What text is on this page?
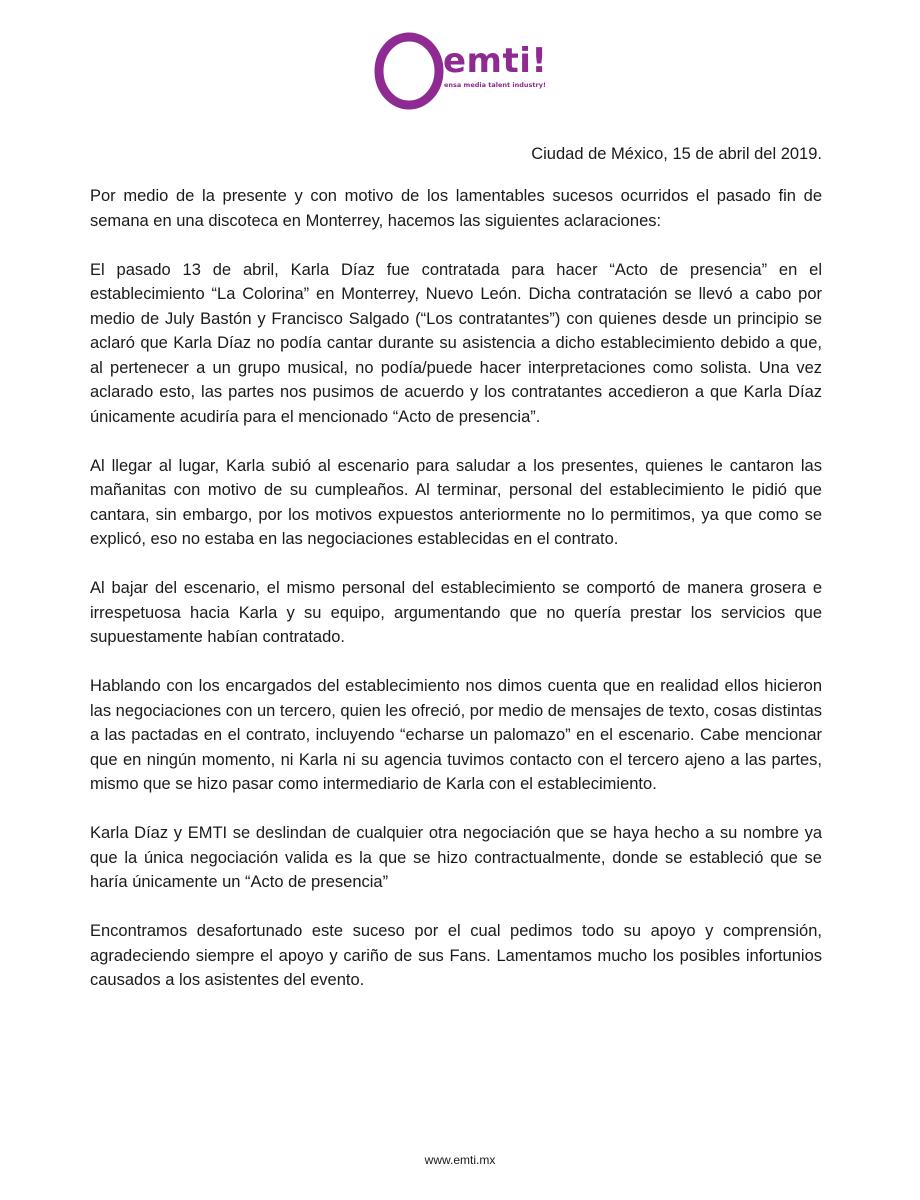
emti!
ensa media talent industry!
Ciudad de México, 15 de abril del 2019.

Por medio de la presente y con motivo de los lamentables sucesos ocurridos el pasado fin de semana en una discoteca en Monterrey, hacemos las siguientes aclaraciones:

El pasado 13 de abril, Karla Díaz fue contratada para hacer “Acto de presencia” en el establecimiento “La Colorina” en Monterrey, Nuevo León. Dicha contratación se llevó a cabo por medio de July Bastón y Francisco Salgado (“Los contratantes”) con quienes desde un principio se aclaró que Karla Díaz no podía cantar durante su asistencia a dicho establecimiento debido a que, al pertenecer a un grupo musical, no podía/puede hacer interpretaciones como solista. Una vez aclarado esto, las partes nos pusimos de acuerdo y los contratantes accedieron a que Karla Díaz únicamente acudiría para el mencionado “Acto de presencia”.

Al llegar al lugar, Karla subió al escenario para saludar a los presentes, quienes le cantaron las mañanitas con motivo de su cumpleaños. Al terminar, personal del establecimiento le pidió que cantara, sin embargo, por los motivos expuestos anteriormente no lo permitimos, ya que como se explicó, eso no estaba en las negociaciones establecidas en el contrato.

Al bajar del escenario, el mismo personal del establecimiento se comportó de manera grosera e irrespetuosa hacia Karla y su equipo, argumentando que no quería prestar los servicios que supuestamente habían contratado.

Hablando con los encargados del establecimiento nos dimos cuenta que en realidad ellos hicieron las negociaciones con un tercero, quien les ofreció, por medio de mensajes de texto, cosas distintas a las pactadas en el contrato, incluyendo “echarse un palomazo” en el escenario. Cabe mencionar que en ningún momento, ni Karla ni su agencia tuvimos contacto con el tercero ajeno a las partes, mismo que se hizo pasar como intermediario de Karla con el establecimiento.

Karla Díaz y EMTI se deslindan de cualquier otra negociación que se haya hecho a su nombre ya que la única negociación valida es la que se hizo contractualmente, donde se estableció que se haría únicamente un “Acto de presencia”

Encontramos desafortunado este suceso por el cual pedimos todo su apoyo y comprensión, agradeciendo siempre el apoyo y cariño de sus Fans. Lamentamos mucho los posibles infortunios causados a los asistentes del evento.

www.emti.mx
